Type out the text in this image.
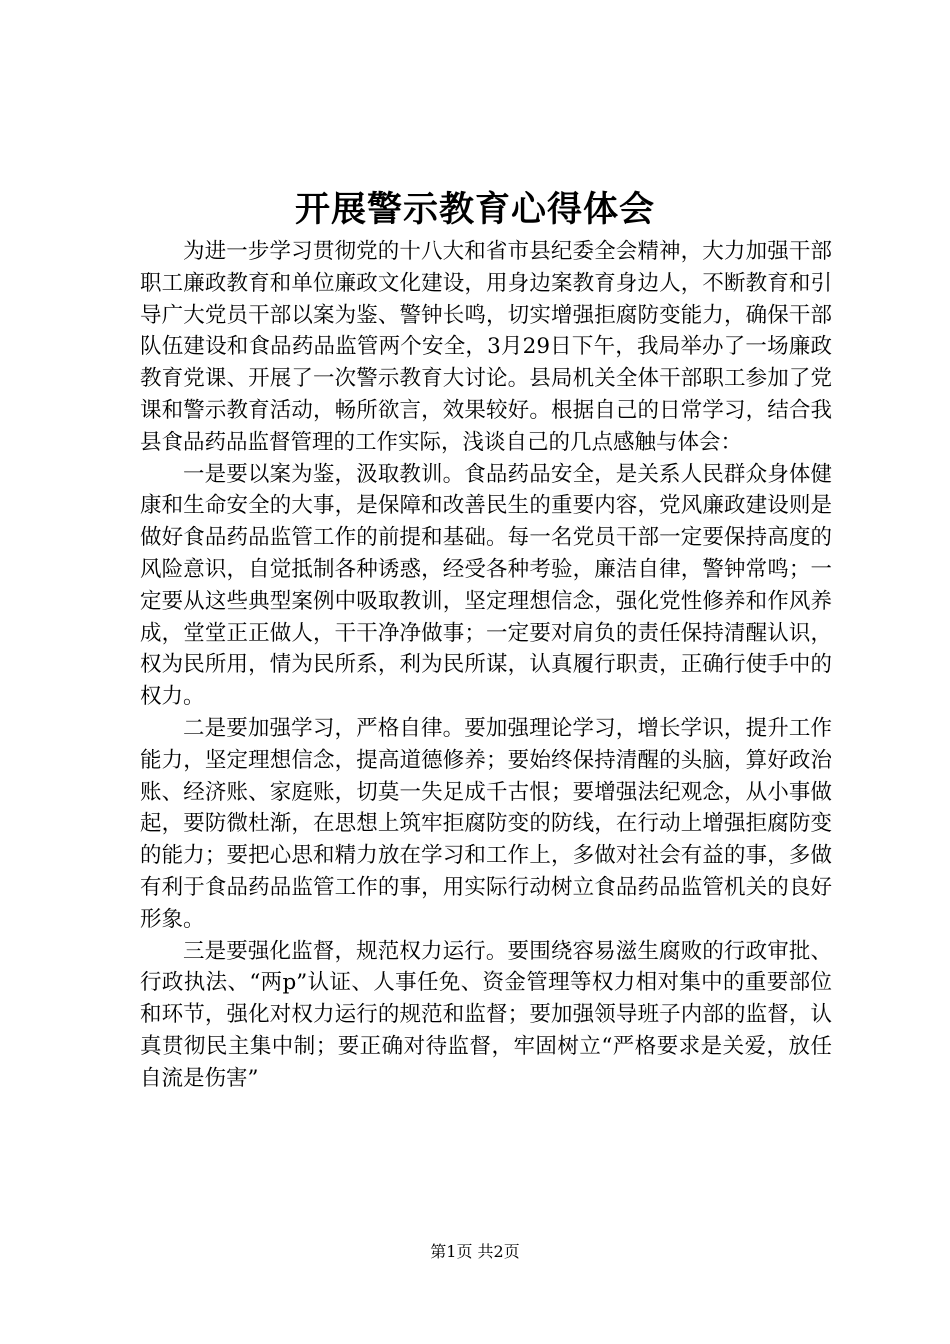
开展警示教育心得体会

为进一步学习贯彻党的十八大和省市县纪委全会精神，大力加强干部职工廉政教育和单位廉政文化建设，用身边案教育身边人，不断教育和引导广大党员干部以案为鉴、警钟长鸣，切实增强拒腐防变能力，确保干部队伍建设和食品药品监管两个安全，3月29日下午，我局举办了一场廉政教育党课、开展了一次警示教育大讨论。县局机关全体干部职工参加了党课和警示教育活动，畅所欲言，效果较好。根据自己的日常学习，结合我县食品药品监督管理的工作实际，浅谈自己的几点感触与体会：

一是要以案为鉴，汲取教训。食品药品安全，是关系人民群众身体健康和生命安全的大事，是保障和改善民生的重要内容，党风廉政建设则是做好食品药品监管工作的前提和基础。每一名党员干部一定要保持高度的风险意识，自觉抵制各种诱惑，经受各种考验，廉洁自律，警钟常鸣；一定要从这些典型案例中吸取教训，坚定理想信念，强化党性修养和作风养成，堂堂正正做人，干干净净做事；一定要对肩负的责任保持清醒认识，权为民所用，情为民所系，利为民所谋，认真履行职责，正确行使手中的权力。

二是要加强学习，严格自律。要加强理论学习，增长学识，提升工作能力，坚定理想信念，提高道德修养；要始终保持清醒的头脑，算好政治账、经济账、家庭账，切莫一失足成千古恨；要增强法纪观念，从小事做起，要防微杜渐，在思想上筑牢拒腐防变的防线，在行动上增强拒腐防变的能力；要把心思和精力放在学习和工作上，多做对社会有益的事，多做有利于食品药品监管工作的事，用实际行动树立食品药品监管机关的良好形象。

三是要强化监督，规范权力运行。要围绕容易滋生腐败的行政审批、行政执法、“两p”认证、人事任免、资金管理等权力相对集中的重要部位和环节，强化对权力运行的规范和监督；要加强领导班子内部的监督，认真贯彻民主集中制；要正确对待监督，牢固树立“严格要求是关爱，放任自流是伤害”

第1页 共2页
